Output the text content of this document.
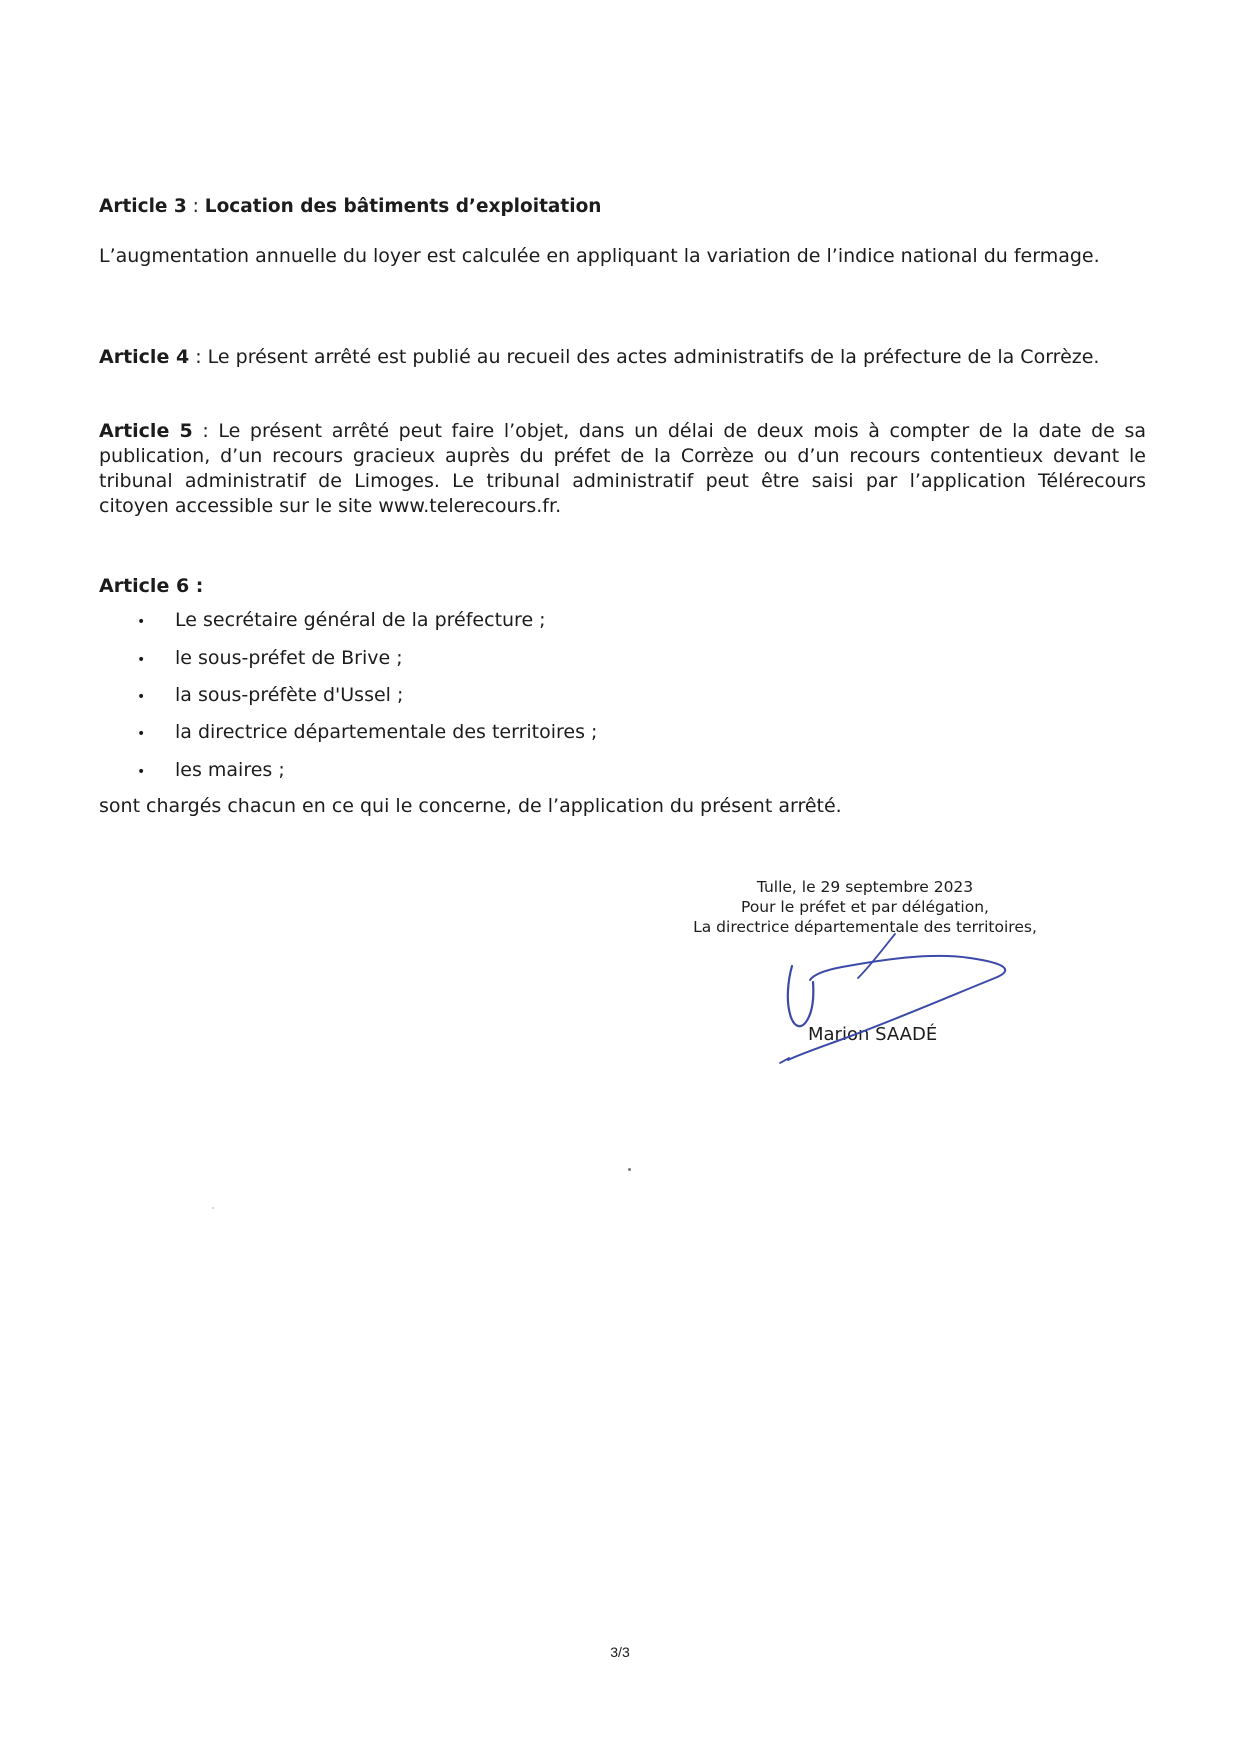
Article 3 : Location des bâtiments d’exploitation
L’augmentation annuelle du loyer est calculée en appliquant la variation de l’indice national du fermage.
Article 4 : Le présent arrêté est publié au recueil des actes administratifs de la préfecture de la Corrèze.
Article 5 : Le présent arrêté peut faire l’objet, dans un délai de deux mois à compter de la date de sa publication, d’un recours gracieux auprès du préfet de la Corrèze ou d’un recours contentieux devant le tribunal administratif de Limoges. Le tribunal administratif peut être saisi par l’application Télérecours citoyen accessible sur le site www.telerecours.fr.
Article 6 :
• Le secrétaire général de la préfecture ;
• le sous-préfet de Brive ;
• la sous-préfète d'Ussel ;
• la directrice départementale des territoires ;
• les maires ;
sont chargés chacun en ce qui le concerne, de l’application du présent arrêté.
Tulle, le 29 septembre 2023
Pour le préfet et par délégation,
La directrice départementale des territoires,
Marion SAADÉ
3/3
